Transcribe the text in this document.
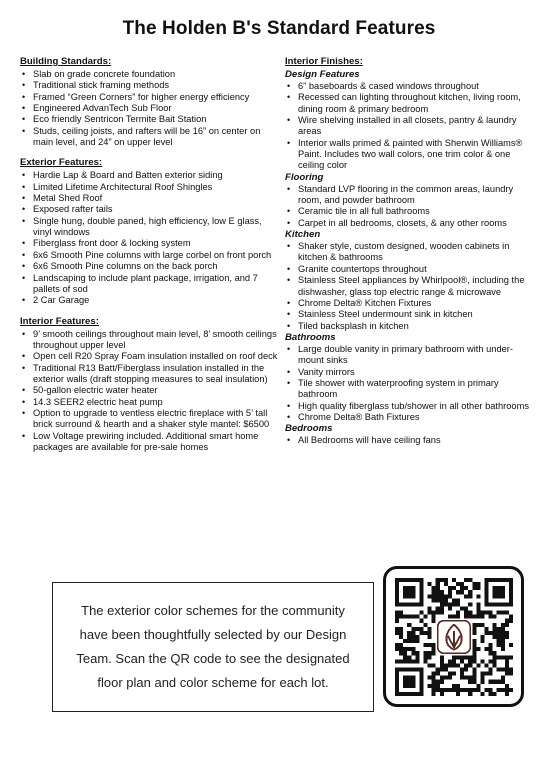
The Holden B's Standard Features
Building Standards:
• Slab on grade concrete foundation
• Traditional stick framing methods
• Framed “Green Corners” for higher energy efficiency
• Engineered AdvanTech Sub Floor
• Eco friendly Sentricon Termite Bait Station
• Studs, ceiling joists, and rafters will be 16” on center on main level, and 24” on upper level
Exterior Features:
• Hardie Lap & Board and Batten exterior siding
• Limited Lifetime Architectural Roof Shingles
• Metal Shed Roof
• Exposed rafter tails
• Single hung, double paned, high efficiency, low E glass, vinyl windows
• Fiberglass front door & locking system
• 6x6 Smooth Pine columns with large corbel on front porch
• 6x6 Smooth Pine columns on the back porch
• Landscaping to include plant package, irrigation, and 7 pallets of sod
• 2 Car Garage
Interior Features:
• 9’ smooth ceilings throughout main level, 8’ smooth ceilings throughout upper level
• Open cell R20 Spray Foam insulation installed on roof deck
• Traditional R13 Batt/Fiberglass insulation installed in the exterior walls (draft stopping measures to seal insulation)
• 50-gallon electric water heater
• 14.3 SEER2 electric heat pump
• Option to upgrade to ventless electric fireplace with 5’ tall brick surround & hearth and a shaker style mantel: $6500
• Low Voltage prewiring included. Additional smart home packages are available for pre-sale homes
Interior Finishes:
Design Features
• 6” baseboards & cased windows throughout
• Recessed can lighting throughout kitchen, living room, dining room & primary bedroom
• Wire shelving installed in all closets, pantry & laundry areas
• Interior walls primed & painted with Sherwin Williams® Paint. Includes two wall colors, one trim color & one ceiling color
Flooring
• Standard LVP flooring in the common areas, laundry room, and powder bathroom
• Ceramic tile in all full bathrooms
• Carpet in all bedrooms, closets, & any other rooms
Kitchen
• Shaker style, custom designed, wooden cabinets in kitchen & bathrooms
• Granite countertops throughout
• Stainless Steel appliances by Whirlpool®, including the dishwasher, glass top electric range & microwave
• Chrome Delta® Kitchen Fixtures
• Stainless Steel undermount sink in kitchen
• Tiled backsplash in kitchen
Bathrooms
• Large double vanity in primary bathroom with under-mount sinks
• Vanity mirrors
• Tile shower with waterproofing system in primary bathroom
• High quality fiberglass tub/shower in all other bathrooms
• Chrome Delta® Bath Fixtures
Bedrooms
• All Bedrooms will have ceiling fans
The exterior color schemes for the community have been thoughtfully selected by our Design Team. Scan the QR code to see the designated floor plan and color scheme for each lot.
